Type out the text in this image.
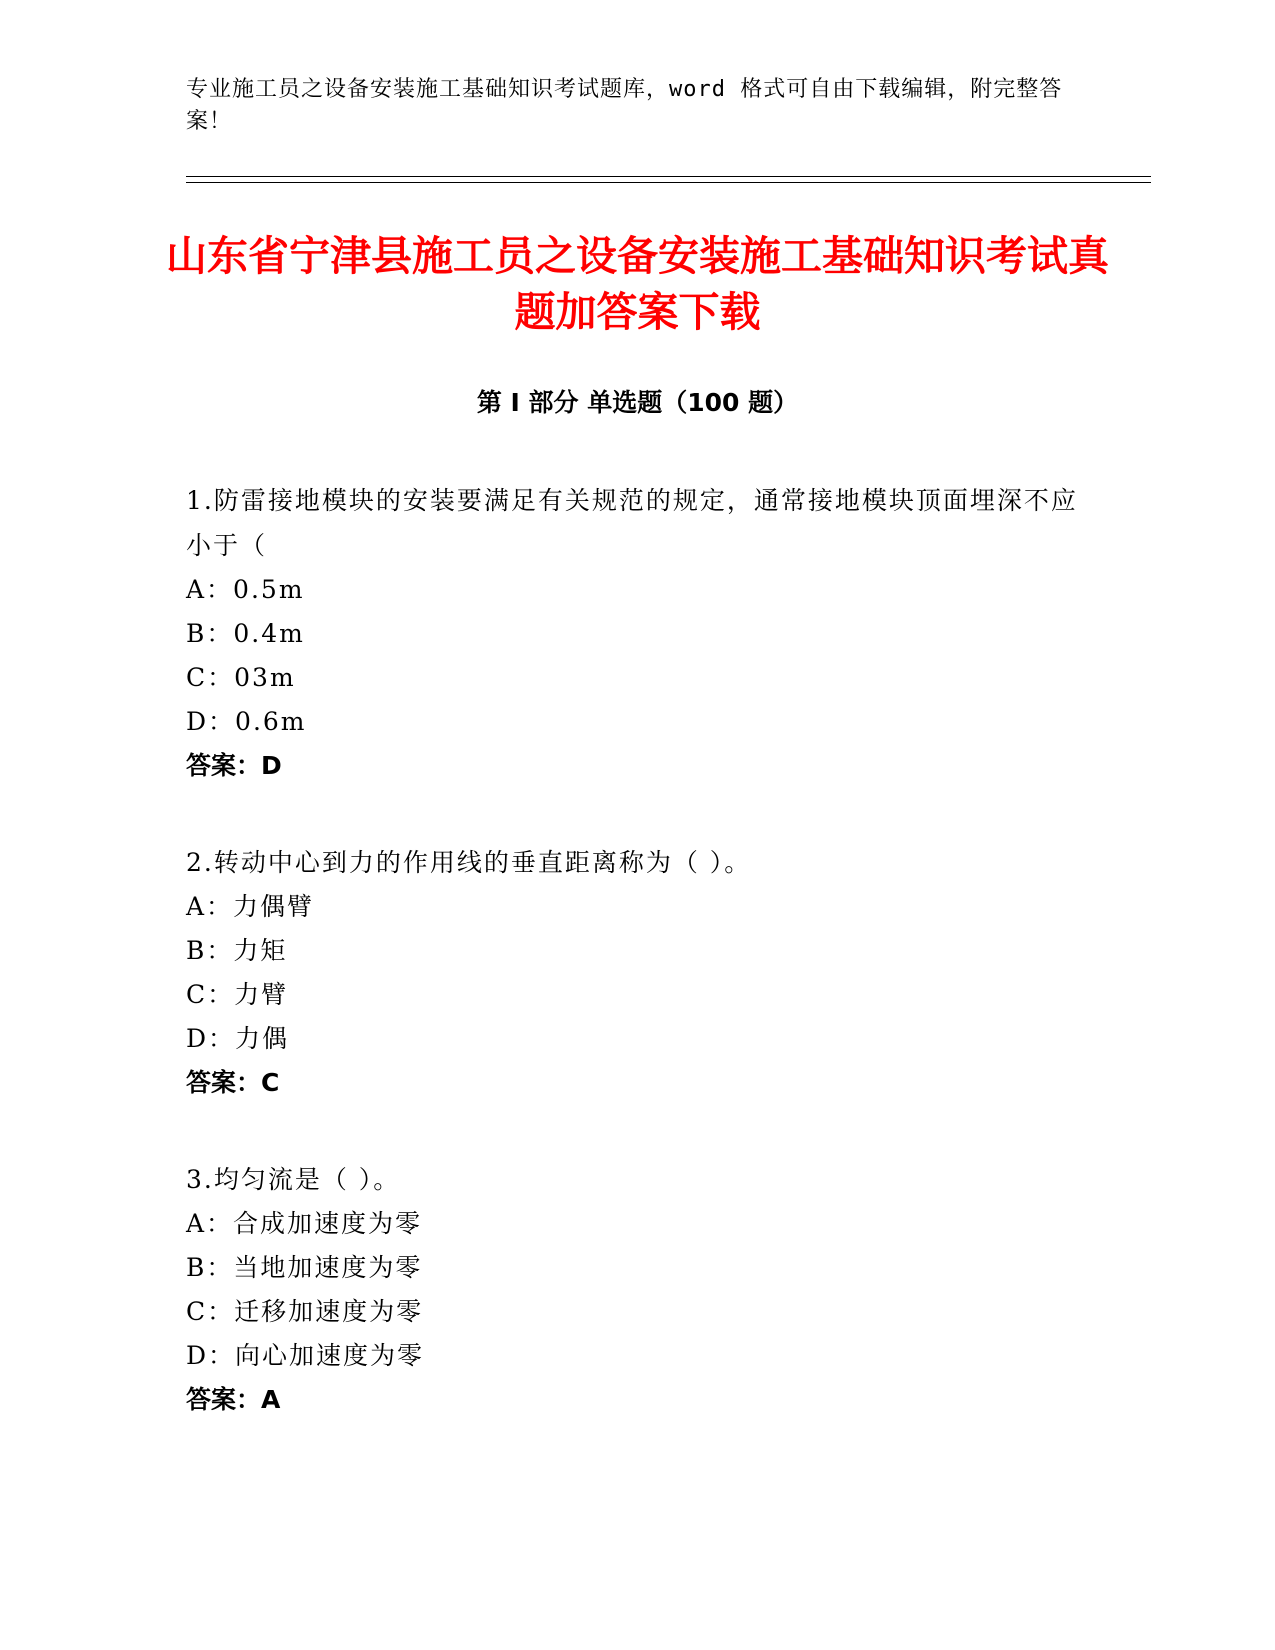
专业施工员之设备安装施工基础知识考试题库，word 格式可自由下载编辑，附完整答案！
山东省宁津县施工员之设备安装施工基础知识考试真题加答案下载
第 I 部分 单选题（100 题）

1.防雷接地模块的安装要满足有关规范的规定，通常接地模块顶面埋深不应小于（

A：0.5m

B：0.4m

C：03m

D：0.6m

答案：D

2.转动中心到力的作用线的垂直距离称为（ ）。

A：力偶臂

B：力矩

C：力臂

D：力偶

答案：C

3.均匀流是（ ）。

A：合成加速度为零

B：当地加速度为零

C：迁移加速度为零

D：向心加速度为零

答案：A
